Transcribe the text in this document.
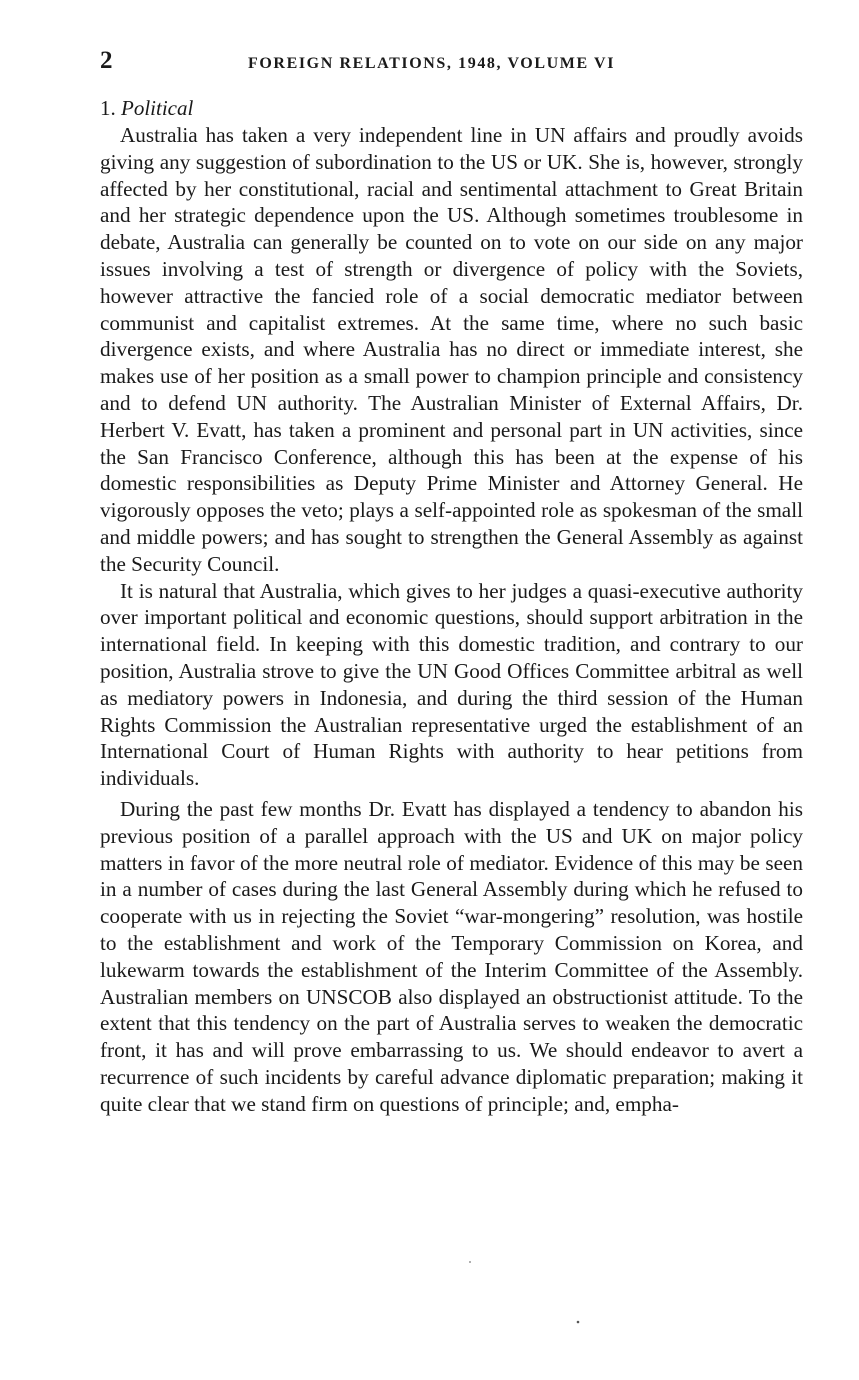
2	FOREIGN RELATIONS, 1948, VOLUME VI
1. Political

Australia has taken a very independent line in UN affairs and proudly avoids giving any suggestion of subordination to the US or UK. She is, however, strongly affected by her constitutional, racial and sentimental attachment to Great Britain and her strategic dependence upon the US. Although sometimes troublesome in debate, Australia can generally be counted on to vote on our side on any major issues involving a test of strength or divergence of policy with the Soviets, however attractive the fancied role of a social democratic mediator between communist and capitalist extremes. At the same time, where no such basic divergence exists, and where Australia has no direct or immediate interest, she makes use of her position as a small power to champion principle and consistency and to defend UN authority. The Australian Minister of External Affairs, Dr. Herbert V. Evatt, has taken a prominent and personal part in UN activities, since the San Francisco Conference, although this has been at the expense of his domestic responsibilities as Deputy Prime Minister and Attorney General. He vigorously opposes the veto; plays a self-appointed role as spokesman of the small and middle powers; and has sought to strengthen the General Assembly as against the Security Council.

It is natural that Australia, which gives to her judges a quasi-executive authority over important political and economic questions, should support arbitration in the international field. In keeping with this domestic tradition, and contrary to our position, Australia strove to give the UN Good Offices Committee arbitral as well as mediatory powers in Indonesia, and during the third session of the Human Rights Commission the Australian representative urged the establishment of an International Court of Human Rights with authority to hear petitions from individuals.

During the past few months Dr. Evatt has displayed a tendency to abandon his previous position of a parallel approach with the US and UK on major policy matters in favor of the more neutral role of mediator. Evidence of this may be seen in a number of cases during the last General Assembly during which he refused to cooperate with us in rejecting the Soviet “war-mongering” resolution, was hostile to the establishment and work of the Temporary Commission on Korea, and lukewarm towards the establishment of the Interim Committee of the Assembly. Australian members on UNSCOB also displayed an obstructionist attitude. To the extent that this tendency on the part of Australia serves to weaken the democratic front, it has and will prove embarrassing to us. We should endeavor to avert a recurrence of such incidents by careful advance diplomatic preparation; making it quite clear that we stand firm on questions of principle; and, empha-
